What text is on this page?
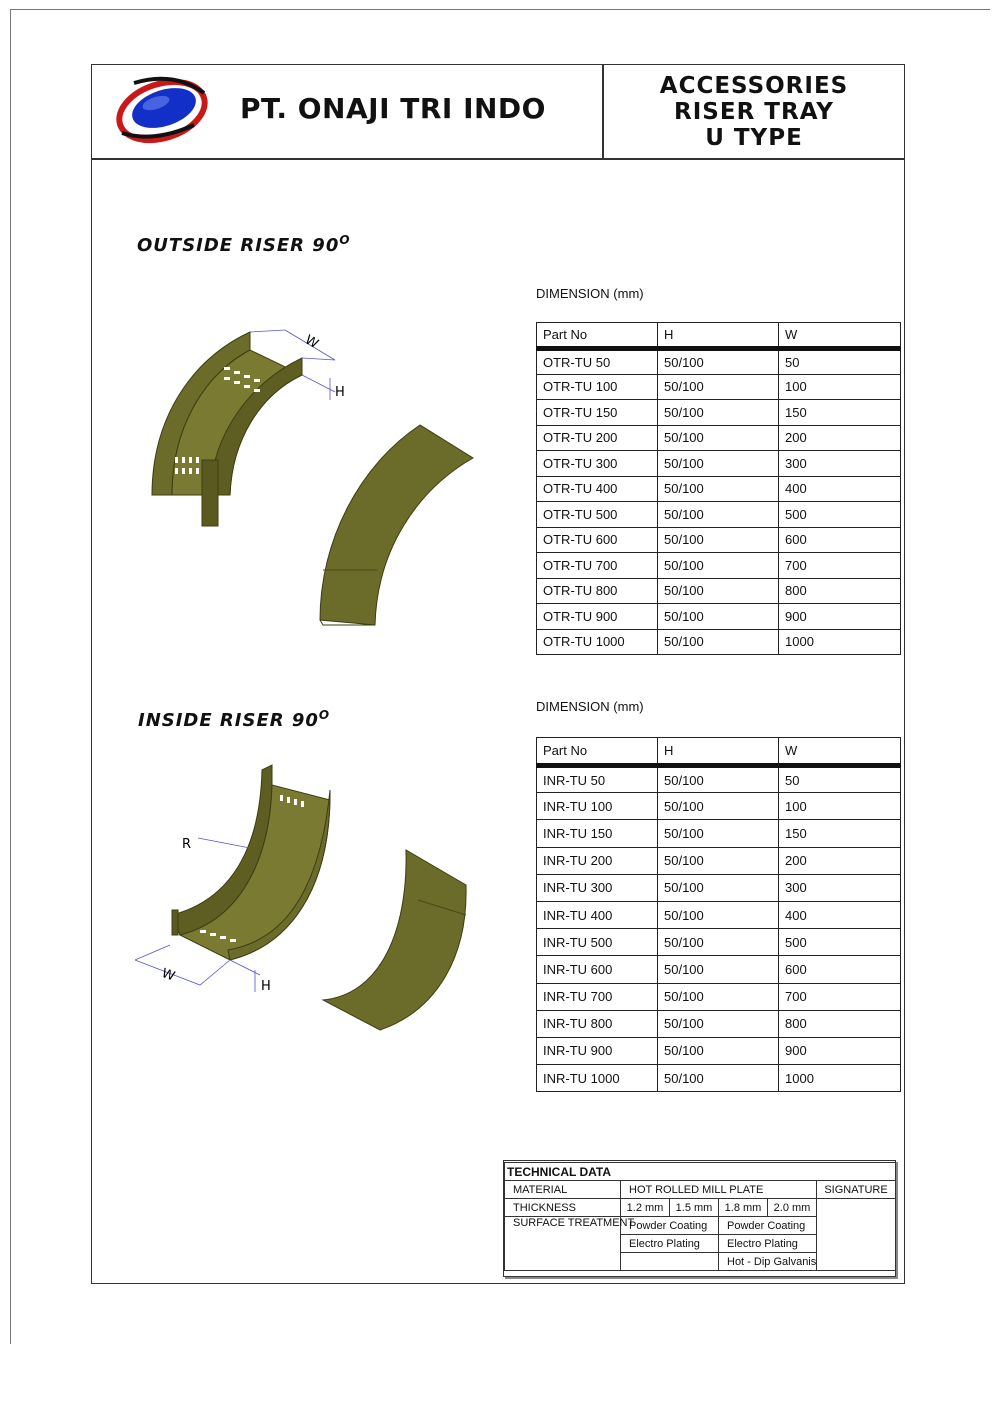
PT. ONAJI TRI INDO
ACCESSORIES
RISER TRAY
U TYPE
OUTSIDE RISER $90^O$
DIMENSION (mm)
Part No	H	W
OTR-TU 50	50/100	50
OTR-TU 100	50/100	100
OTR-TU 150	50/100	150
OTR-TU 200	50/100	200
OTR-TU 300	50/100	300
OTR-TU 400	50/100	400
OTR-TU 500	50/100	500
OTR-TU 600	50/100	600
OTR-TU 700	50/100	700
OTR-TU 800	50/100	800
OTR-TU 900	50/100	900
OTR-TU 1000	50/100	1000
W
H
INSIDE RISER $90^O$
DIMENSION (mm)
Part No	H	W
INR-TU 50	50/100	50
INR-TU 100	50/100	100
INR-TU 150	50/100	150
INR-TU 200	50/100	200
INR-TU 300	50/100	300
INR-TU 400	50/100	400
INR-TU 500	50/100	500
INR-TU 600	50/100	600
INR-TU 700	50/100	700
INR-TU 800	50/100	800
INR-TU 900	50/100	900
INR-TU 1000	50/100	1000
R
W
H
TECHNICAL DATA					
MATERIAL	HOT ROLLED MILL PLATE				SIGNATURE
THICKNESS	1.2 mm	1.5 mm	1.8 mm	2.0 mm	
SURFACE TREATMENT	Powder Coating		Powder Coating		
	Electro Plating		Electro Plating		
			Hot - Dip Galvanis		
